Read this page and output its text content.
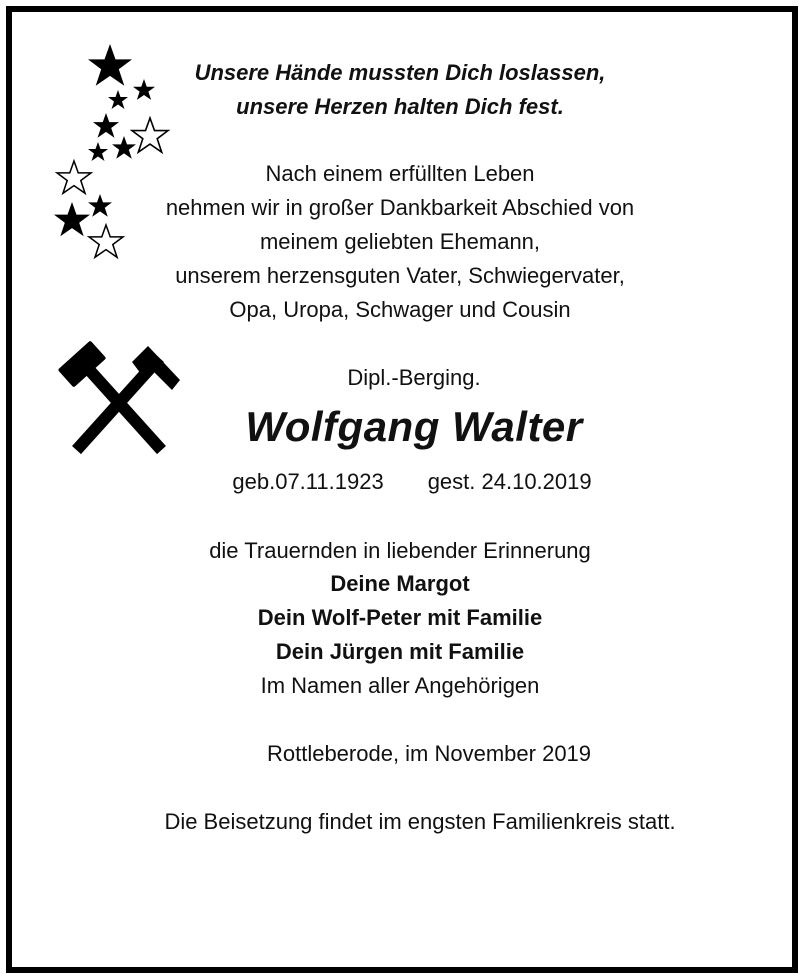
Unsere Hände mussten Dich loslassen,
unsere Herzen halten Dich fest.
Nach einem erfüllten Leben
nehmen wir in großer Dankbarkeit Abschied von
meinem geliebten Ehemann,
unserem herzensguten Vater, Schwiegervater,
Opa, Uropa, Schwager und Cousin
Dipl.-Berging.
Wolfgang Walter
geb.07.11.1923 gest. 24.10.2019
die Trauernden in liebender Erinnerung
Deine Margot
Dein Wolf-Peter mit Familie
Dein Jürgen mit Familie
Im Namen aller Angehörigen
Rottleberode, im November 2019
Die Beisetzung findet im engsten Familienkreis statt.
